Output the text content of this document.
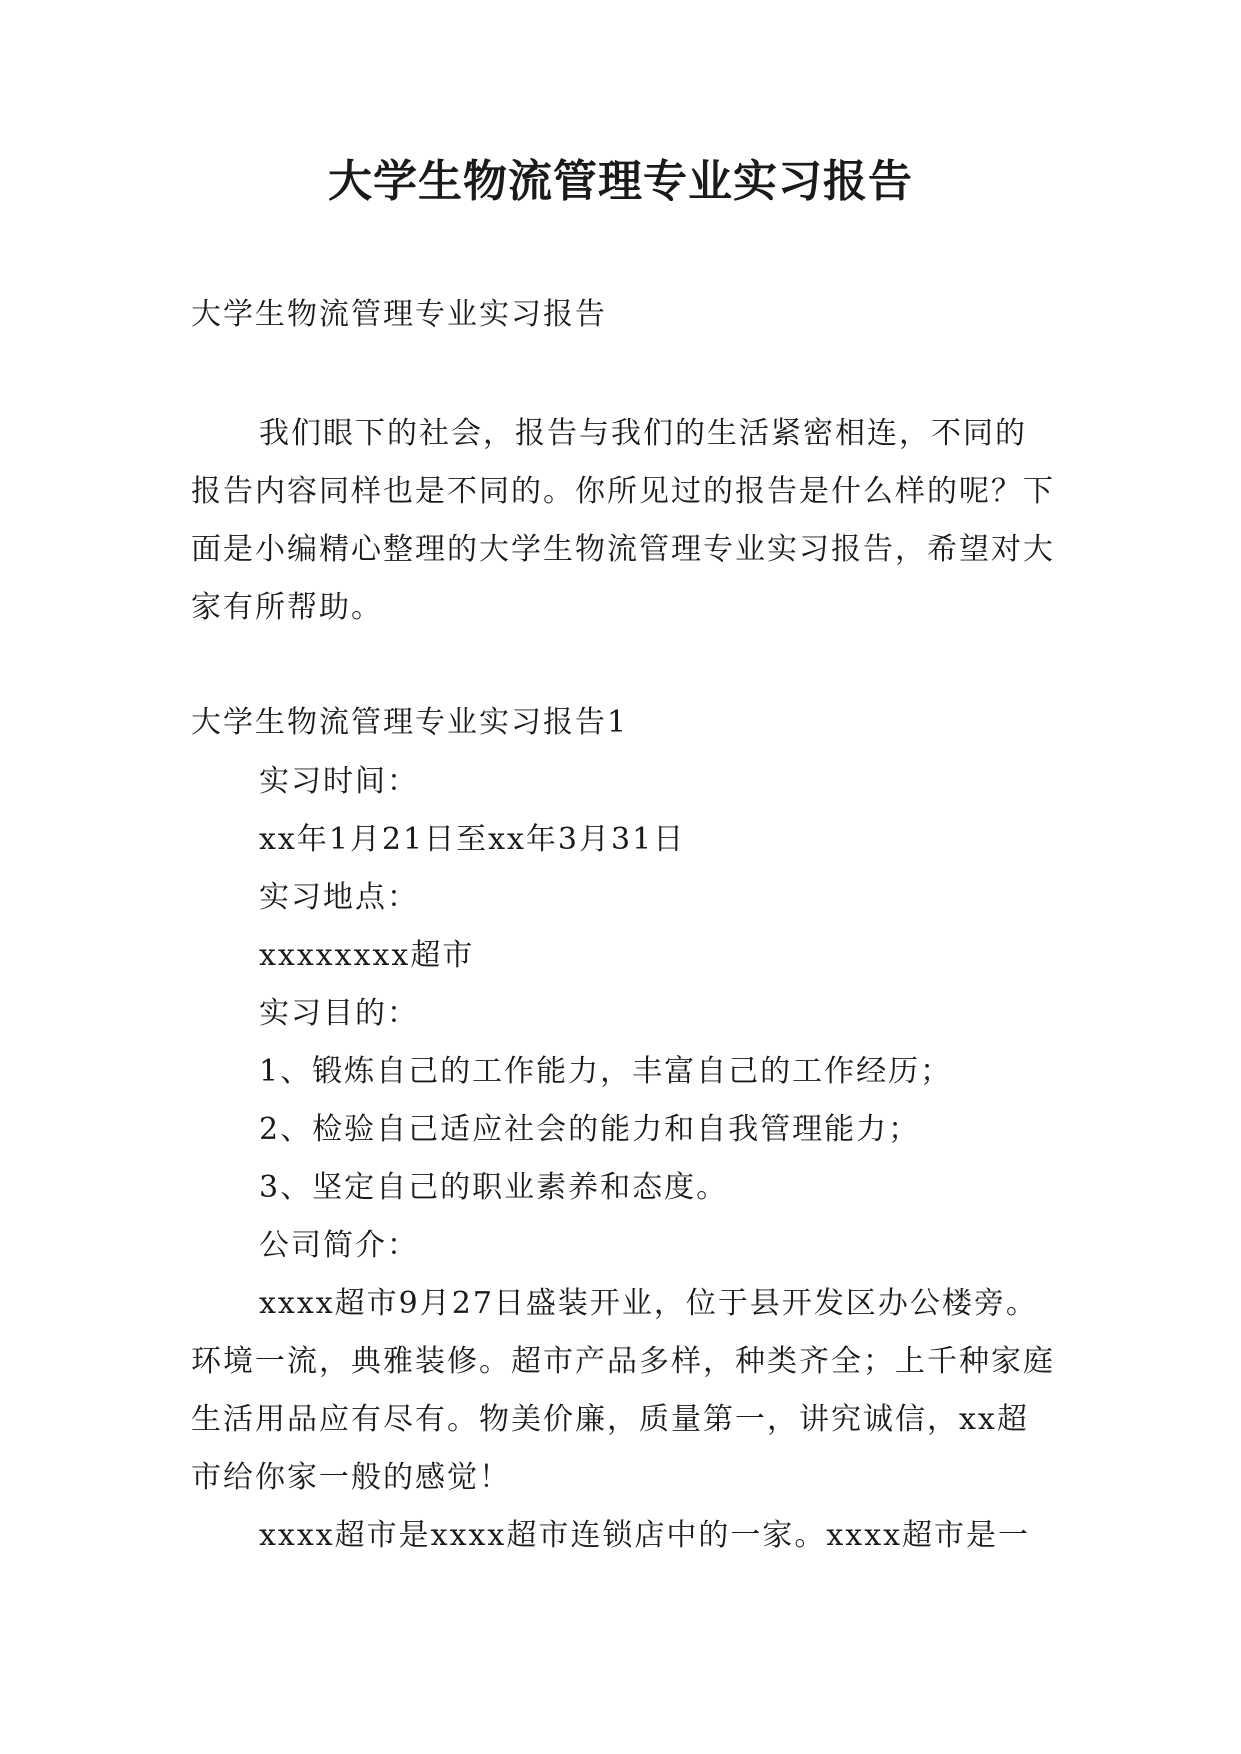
大学生物流管理专业实习报告
大学生物流管理专业实习报告

我们眼下的社会，报告与我们的生活紧密相连，不同的报告内容同样也是不同的。你所见过的报告是什么样的呢？下面是小编精心整理的大学生物流管理专业实习报告，希望对大家有所帮助。

大学生物流管理专业实习报告1

实习时间：

xx年1月21日至xx年3月31日

实习地点：

xxxxxxxx超市

实习目的：

1、锻炼自己的工作能力，丰富自己的工作经历；

2、检验自己适应社会的能力和自我管理能力；

3、坚定自己的职业素养和态度。

公司简介：

xxxx超市9月27日盛装开业，位于县开发区办公楼旁。环境一流，典雅装修。超市产品多样，种类齐全；上千种家庭生活用品应有尽有。物美价廉，质量第一，讲究诚信，xx超市给你家一般的感觉！

xxxx超市是xxxx超市连锁店中的一家。xxxx超市是一
